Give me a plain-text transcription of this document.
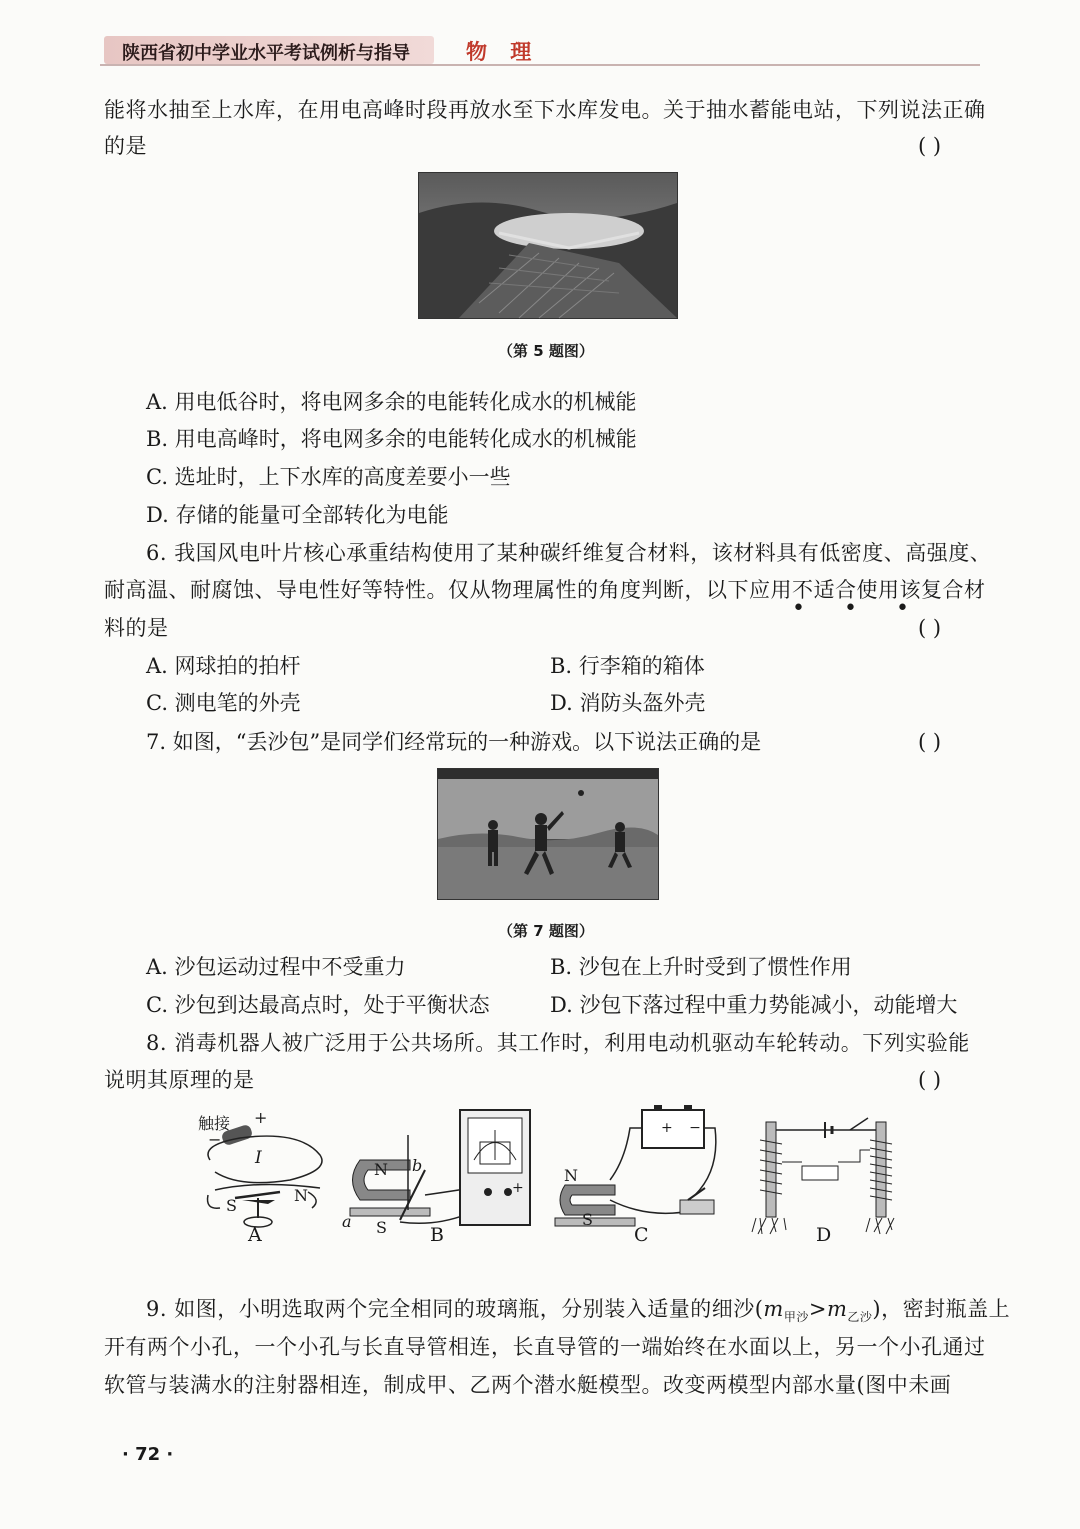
陕西省初中学业水平考试例析与指导	物 理
能将水抽至上水库，在用电高峰时段再放水至下水库发电。关于抽水蓄能电站，下列说法正确
的是	( )
（第 5 题图）
A. 用电低谷时，将电网多余的电能转化成水的机械能
B. 用电高峰时，将电网多余的电能转化成水的机械能
C. 选址时，上下水库的高度差要小一些
D. 存储的能量可全部转化为电能
6. 我国风电叶片核心承重结构使用了某种碳纤维复合材料，该材料具有低密度、高强度、
耐高温、耐腐蚀、导电性好等特性。仅从物理属性的角度判断，以下应用不适合使用该复合材
• • •
料的是	( )
A. 网球拍的拍杆	B. 行李箱的箱体
C. 测电笔的外壳	D. 消防头盔外壳
7. 如图，“丢沙包”是同学们经常玩的一种游戏。以下说法正确的是	( )
（第 7 题图）
A. 沙包运动过程中不受重力	B. 沙包在上升时受到了惯性作用
C. 沙包到达最高点时，处于平衡状态	D. 沙包下落过程中重力势能减小，动能增大
8. 消毒机器人被广泛用于公共场所。其工作时，利用电动机驱动车轮转动。下列实验能
说明其原理的是	( )
触接 +
−
I
S
N
N
S
a
b
+
+ −
N
S
A	B	C	D
9. 如图，小明选取两个完全相同的玻璃瓶，分别装入适量的细沙$(m_{甲沙}>m_{乙沙})$，密封瓶盖上
开有两个小孔，一个小孔与长直导管相连，长直导管的一端始终在水面以上，另一个小孔通过
软管与装满水的注射器相连，制成甲、乙两个潜水艇模型。改变两模型内部水量(图中未画
· 72 ·
